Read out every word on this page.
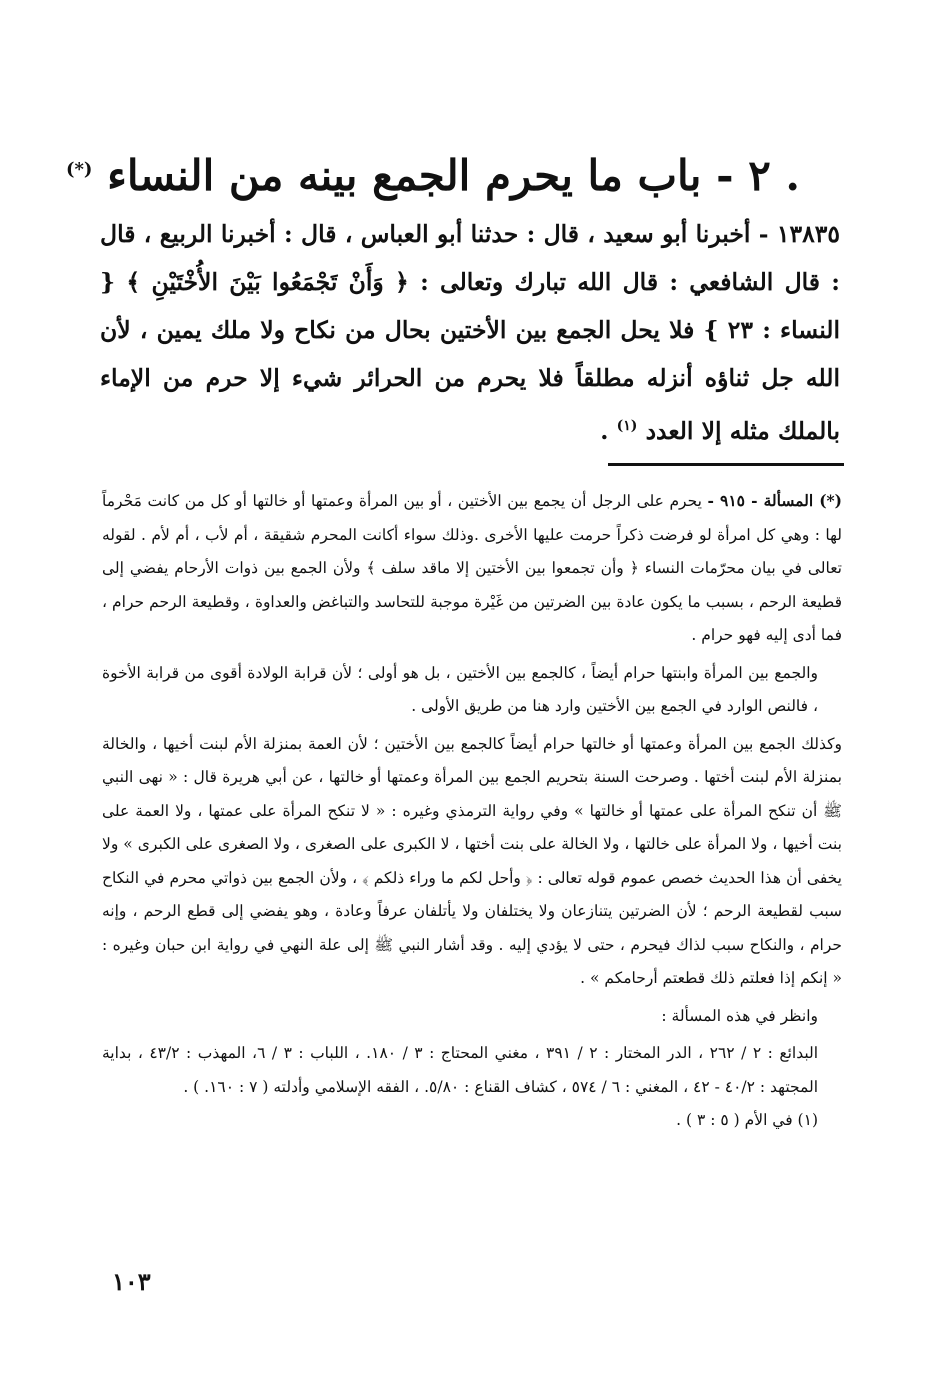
. ٢ - باب ما يحرم الجمع بينه من النساء (*)

١٣٨٣٥ - أخبرنا أبو سعيد ، قال : حدثنا أبو العباس ، قال : أخبرنا الربيع ، قال : قال الشافعي : قال الله تبارك وتعالى : ﴿ وَأَنْ تَجْمَعُوا بَيْنَ الأُخْتَيْنِ ﴾ { النساء : ٢٣ } فلا يحل الجمع بين الأختين بحال من نكاح ولا ملك يمين ، لأن الله جل ثناؤه أنزله مطلقاً فلا يحرم من الحرائر شيء إلا حرم من الإماء بالملك مثله إلا العدد $^{(١)}$ .

(*) المسألة - ٩١٥ - يحرم على الرجل أن يجمع بين الأختين ، أو بين المرأة وعمتها أو خالتها أو كل من كانت مَحْرماً لها : وهي كل امرأة لو فرضت ذكراً حرمت عليها الأخرى .وذلك سواء أكانت المحرم شقيقة ، أم لأب ، أم لأم . لقوله تعالى في بيان محرّمات النساء ﴿ وأن تجمعوا بين الأختين إلا ماقد سلف ﴾ ولأن الجمع بين ذوات الأرحام يفضي إلى قطيعة الرحم ، بسبب ما يكون عادة بين الضرتين من غَيْرة موجبة للتحاسد والتباغض والعداوة ، وقطيعة الرحم حرام ، فما أدى إليه فهو حرام .

والجمع بين المرأة وابنتها حرام أيضاً ، كالجمع بين الأختين ، بل هو أولى ؛ لأن قرابة الولادة أقوى من قرابة الأخوة ، فالنص الوارد في الجمع بين الأختين وارد هنا من طريق الأولى .

وكذلك الجمع بين المرأة وعمتها أو خالتها حرام أيضاً كالجمع بين الأختين ؛ لأن العمة بمنزلة الأم لبنت أخيها ، والخالة بمنزلة الأم لبنت أختها . وصرحت السنة بتحريم الجمع بين المرأة وعمتها أو خالتها ، عن أبي هريرة قال : « نهى النبي ﷺ أن تنكح المرأة على عمتها أو خالتها » وفي رواية الترمذي وغيره : « لا تنكح المرأة على عمتها ، ولا العمة على بنت أخيها ، ولا المرأة على خالتها ، ولا الخالة على بنت أختها ، لا الكبرى على الصغرى ، ولا الصغرى على الكبرى » ولا يخفى أن هذا الحديث خصص عموم قوله تعالى : ﴿ وأحل لكم ما وراء ذلكم ﴾ ، ولأن الجمع بين ذواتي محرم في النكاح سبب لقطيعة الرحم ؛ لأن الضرتين يتنازعان ولا يختلفان ولا يأتلفان عرفاً وعادة ، وهو يفضي إلى قطع الرحم ، وإنه حرام ، والنكاح سبب لذاك فيحرم ، حتى لا يؤدي إليه . وقد أشار النبي ﷺ إلى علة النهي في رواية ابن حبان وغيره : « إنكم إذا فعلتم ذلك قطعتم أرحامكم » .

وانظر في هذه المسألة :

البدائع : ٢ / ٢٦٢ ، الدر المختار : ٢ / ٣٩١ ، مغني المحتاج : ٣ / ١٨٠. ، اللباب : ٣ / ٦، المهذب : ٤٣/٢ ، بداية المجتهد : ٤٠/٢ - ٤٢ ، المغني : ٦ / ٥٧٤ ، كشاف القناع : ٥/٨٠. ، الفقه الإسلامي وأدلته ( ٧ : ١٦٠. ) .

(١) في الأم ( ٥ : ٣ ) .

١٠٣
